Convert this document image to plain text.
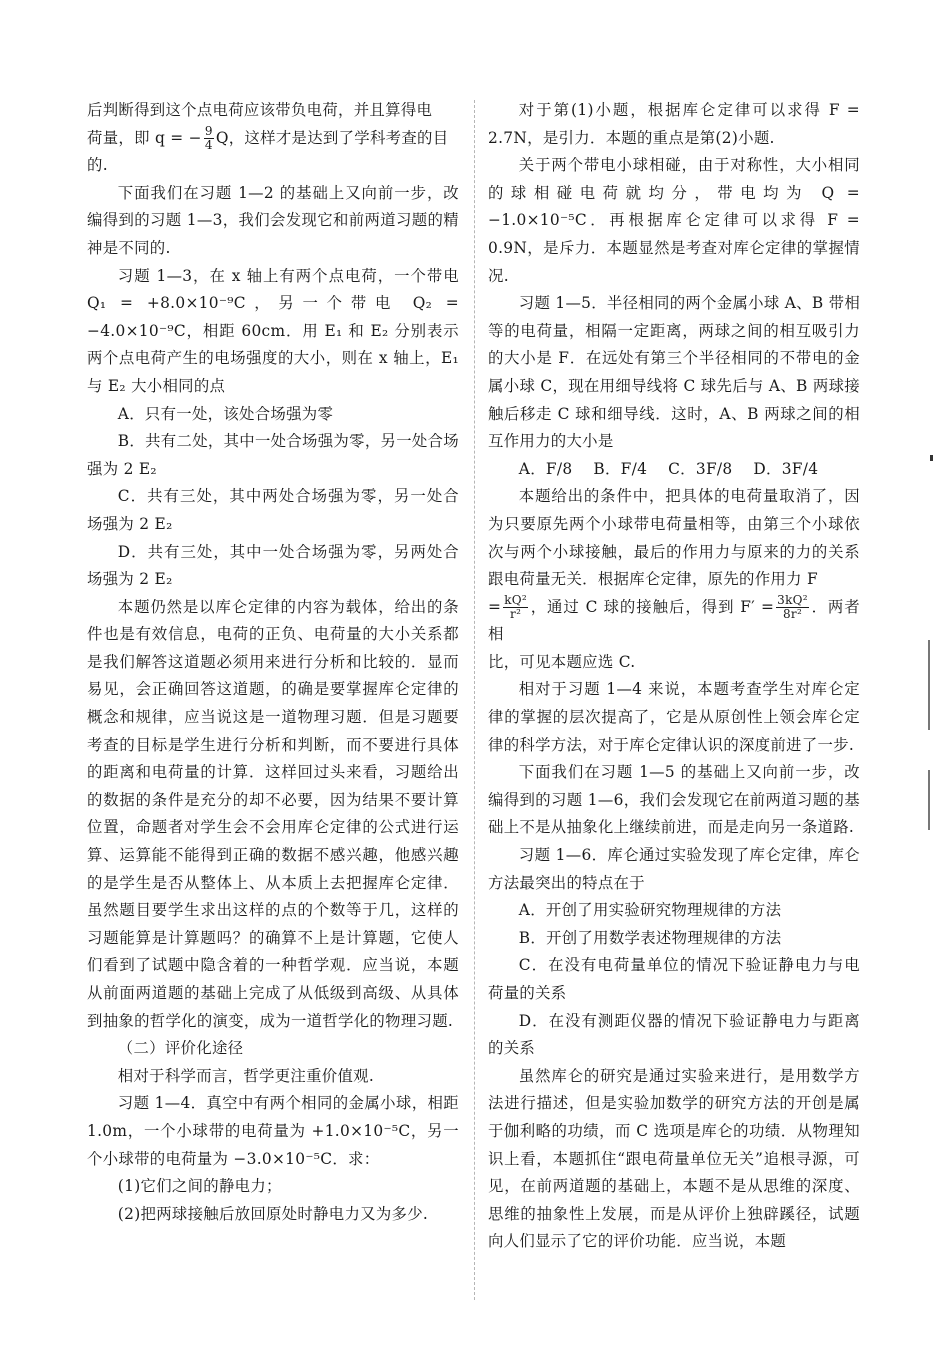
后判断得到这个点电荷应该带负电荷，并且算得电
荷量，即 q = − $\frac{9}{4}$ Q，这样才是达到了学科考查的目
的.

下面我们在习题 1—2 的基础上又向前一步，改编得到的习题 1—3，我们会发现它和前两道习题的精神是不同的.

习题 1—3，在 x 轴上有两个点电荷，一个带电 Q₁ = +8.0×10⁻⁹C，另一个带电 Q₂ = −4.0×10⁻⁹C，相距 60cm．用 E₁ 和 E₂ 分别表示两个点电荷产生的电场强度的大小，则在 x 轴上，E₁ 与 E₂ 大小相同的点

A．只有一处，该处合场强为零

B．共有二处，其中一处合场强为零，另一处合场强为 2 E₂

C．共有三处，其中两处合场强为零，另一处合场强为 2 E₂

D．共有三处，其中一处合场强为零，另两处合场强为 2 E₂

本题仍然是以库仑定律的内容为载体，给出的条件也是有效信息，电荷的正负、电荷量的大小关系都是我们解答这道题必须用来进行分析和比较的．显而易见，会正确回答这道题，的确是要掌握库仑定律的概念和规律，应当说这是一道物理习题．但是习题要考查的目标是学生进行分析和判断，而不要进行具体的距离和电荷量的计算．这样回过头来看，习题给出的数据的条件是充分的却不必要，因为结果不要计算位置，命题者对学生会不会用库仑定律的公式进行运算、运算能不能得到正确的数据不感兴趣，他感兴趣的是学生是否从整体上、从本质上去把握库仑定律．虽然题目要学生求出这样的点的个数等于几，这样的习题能算是计算题吗？的确算不上是计算题，它使人们看到了试题中隐含着的一种哲学观．应当说，本题从前面两道题的基础上完成了从低级到高级、从具体到抽象的哲学化的演变，成为一道哲学化的物理习题.

（二）评价化途径

相对于科学而言，哲学更注重价值观.

习题 1—4．真空中有两个相同的金属小球，相距 1.0m，一个小球带的电荷量为 +1.0×10⁻⁵C，另一个小球带的电荷量为 −3.0×10⁻⁵C．求：

(1)它们之间的静电力；

(2)把两球接触后放回原处时静电力又为多少.

对于第(1)小题，根据库仑定律可以求得 F = 2.7N，是引力．本题的重点是第(2)小题.

关于两个带电小球相碰，由于对称性，大小相同的球相碰电荷就均分，带电均为 Q = −1.0×10⁻⁵C．再根据库仑定律可以求得 F = 0.9N，是斥力．本题显然是考查对库仑定律的掌握情况.

习题 1—5．半径相同的两个金属小球 A、B 带相等的电荷量，相隔一定距离，两球之间的相互吸引力的大小是 F．在远处有第三个半径相同的不带电的金属小球 C，现在用细导线将 C 球先后与 A、B 两球接触后移走 C 球和细导线．这时，A、B 两球之间的相互作用力的大小是

A．F/8　 B．F/4　 C．3F/8　 D．3F/4

本题给出的条件中，把具体的电荷量取消了，因为只要原先两个小球带电荷量相等，由第三个小球依次与两个小球接触，最后的作用力与原来的力的关系跟电荷量无关．根据库仑定律，原先的作用力 F

= $\frac{\text{kQ²}}{\text{r²}}$ ，通过 C 球的接触后，得到 $F' = \frac{\text{3kQ²}}{\text{8r²}}$ ．两者相

比，可见本题应选 C.

相对于习题 1—4 来说，本题考查学生对库仑定律的掌握的层次提高了，它是从原创性上领会库仑定律的科学方法，对于库仑定律认识的深度前进了一步.

下面我们在习题 1—5 的基础上又向前一步，改编得到的习题 1—6，我们会发现它在前两道习题的基础上不是从抽象化上继续前进，而是走向另一条道路.

习题 1—6．库仑通过实验发现了库仑定律，库仑方法最突出的特点在于

A．开创了用实验研究物理规律的方法

B．开创了用数学表述物理规律的方法

C．在没有电荷量单位的情况下验证静电力与电荷量的关系

D．在没有测距仪器的情况下验证静电力与距离的关系

虽然库仑的研究是通过实验来进行，是用数学方法进行描述，但是实验加数学的研究方法的开创是属于伽利略的功绩，而 C 选项是库仑的功绩．从物理知识上看，本题抓住“跟电荷量单位无关”追根寻源，可见，在前两道题的基础上，本题不是从思维的深度、思维的抽象性上发展，而是从评价上独辟蹊径，试题向人们显示了它的评价功能．应当说，本题
